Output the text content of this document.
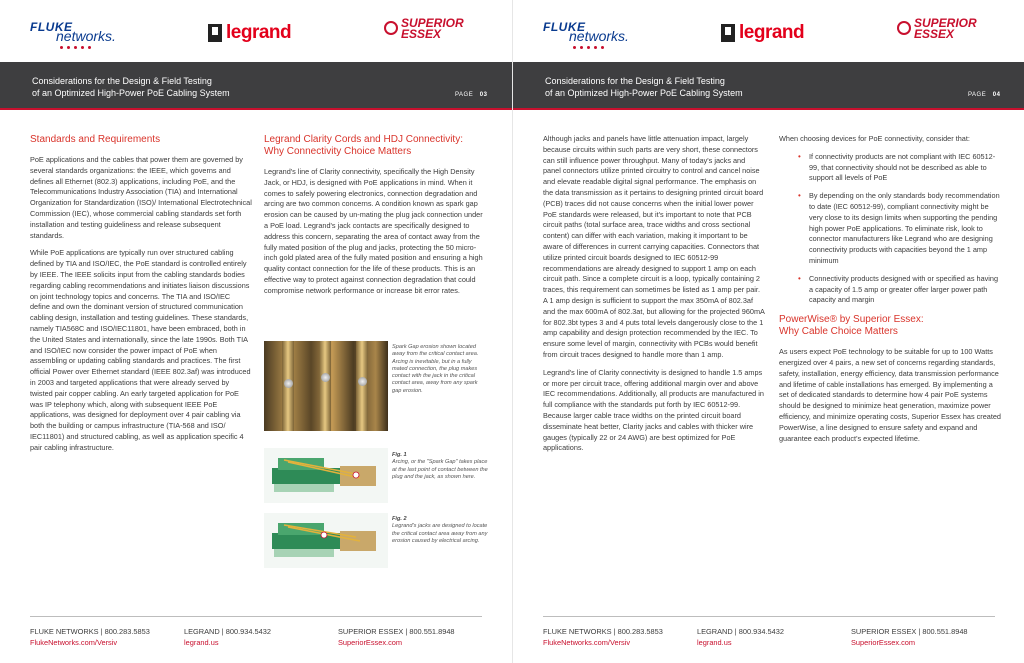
FLUKE
networks.	legrand	SUPERIOR
ESSEX
Considerations for the Design & Field Testing
of an Optimized High-Power PoE Cabling System	PAGE 03
Standards and Requirements

PoE applications and the cables that power them are governed by several standards organizations: the IEEE, which governs and defines all Ethernet (802.3) applications, including PoE, and the Telecommunications Industry Association (TIA) and International Organization for Standardization (ISO)/ International Electrotechnical Commission (IEC), whose commercial cabling standards set forth installation and testing guideliness and release subsequent standards.

While PoE applications are typically run over structured cabling defined by TIA and ISO/IEC, the PoE standard is controlled entirely by IEEE. The IEEE solicits input from the cabling standards bodies regarding cabling recommendations and initiates liaison discussions on joint technology topics and concerns. The TIA and ISO/IEC define and own the dominant version of structured communication cabling design, installation and testing guidelines. These standards, namely TIA568C and ISO/IEC11801, have been embraced, both in the United States and internationally, since the late 1990s. Both TIA and ISO/IEC now consider the power impact of PoE when assembling or updating cabling standards and practices. The first official Power over Ethernet standard (IEEE 802.3af) was introduced in 2003 and targeted applications that were already served by twisted pair copper cabling. An early targeted application for PoE was IP telephony which, along with subsequent IEEE PoE applications, was designed for deployment over 4 pair cabling via both the building or campus infrastructure (TIA-568 and ISO/ IEC11801) and structured cabling, as well as application specific 4 pair cabling infrastructure.

Legrand Clarity Cords and HDJ Connectivity:
Why Connectivity Choice Matters

Legrand's line of Clarity connectivity, specifically the High Density Jack, or HDJ, is designed with PoE applications in mind. When it comes to safely powering electronics, connection degradation and arcing are two common concerns. A condition known as spark gap erosion can be caused by un-mating the plug jack connection under a PoE load. Legrand's jack contacts are specifically designed to address this concern, separating the area of contact away from the fully mated position of the plug and jacks, protecting the 50 micro-inch gold plated area of the fully mated position and ensuring a high quality contact connection for the life of these products. This is an effective way to protect against connection degradation that could compromise network performance or increase bit error rates.

Spark Gap erosion shown located away from the critical contact area. Arcing is inevitable, but in a fully mated connection, the plug makes contact with the jack in the critical contact area, away from any spark gap erosion.
Fig. 1
Arcing, or the "Spark Gap" takes place at the last point of contact between the plug and the jack, as shown here.
Fig. 2
Legrand's jacks are designed to locate the critical contact area away from any erosion caused by electrical arcing.
FLUKE NETWORKS | 800.283.5853
FlukeNetworks.com/Versiv
LEGRAND | 800.934.5432
legrand.us
SUPERIOR ESSEX | 800.551.8948
SuperiorEssex.com
FLUKE
networks.	legrand	SUPERIOR
ESSEX
Considerations for the Design & Field Testing
of an Optimized High-Power PoE Cabling System	PAGE 04

Although jacks and panels have little attenuation impact, largely because circuits within such parts are very short, these connectors can still influence power throughput. Many of today's jacks and panel connectors utilize printed circuitry to control and cancel noise and elevate readable digital signal performance. The emphasis on the data transmission as it pertains to designing printed circuit board (PCB) traces did not cause concerns when the initial lower power PoE standards were released, but it's important to note that PCB circuit paths (total surface area, trace widths and cross sectional content) can differ with each variation, making it important to be aware of differences in current carrying capacities. Connectors that utilize printed circuit boards designed to IEC 60512-99 recommendations are already designed to support 1 amp on each circuit path. Since a complete circuit is a loop, typically containing 2 traces, this requirement can sometimes be listed as 1 amp per pair. A 1 amp design is sufficient to support the max 350mA of 802.3af and the max 600mA of 802.3at, but allowing for the projected 960mA for 802.3bt types 3 and 4 puts total levels dangerously close to the 1 amp capability and design protection recommended by the IEC. To ensure some level of margin, connectivity with PCBs would benefit from circuit traces designed to handle more than 1 amp.

Legrand's line of Clarity connectivity is designed to handle 1.5 amps or more per circuit trace, offering additional margin over and above IEC recommendations. Additionally, all products are manufactured in full compliance with the standards put forth by IEC 60512-99. Because larger cable trace widths on the printed circuit board disseminate heat better, Clarity jacks and cables with thicker wire gauges (typically 22 or 24 AWG) are best optimized for PoE applications.

When choosing devices for PoE connectivity, consider that:

• If connectivity products are not compliant with IEC 60512-99, that connectivity should not be described as able to support all levels of PoE
• By depending on the only standards body recommendation to date (IEC 60512-99), compliant connectivity might be very close to its design limits when supporting the pending high power PoE applications. To eliminate risk, look to connector manufacturers like Legrand who are designing connectivity products with capacities beyond the 1 amp minimum
• Connectivity products designed with or specified as having a capacity of 1.5 amp or greater offer larger power path capacity and margin
PowerWise® by Superior Essex:
Why Cable Choice Matters

As users expect PoE technology to be suitable for up to 100 Watts energized over 4 pairs, a new set of concerns regarding standards, safety, installation, energy efficiency, data transmission performance and lifetime of cable installations has emerged. By implementing a set of dedicated standards to determine how 4 pair PoE systems should be designed to minimize heat generation, maximize power efficiency, and minimize operating costs, Superior Essex has created PowerWise, a line designed to ensure safety and expand and guarantee each product's expected lifetime.

FLUKE NETWORKS | 800.283.5853
FlukeNetworks.com/Versiv
LEGRAND | 800.934.5432
legrand.us
SUPERIOR ESSEX | 800.551.8948
SuperiorEssex.com
